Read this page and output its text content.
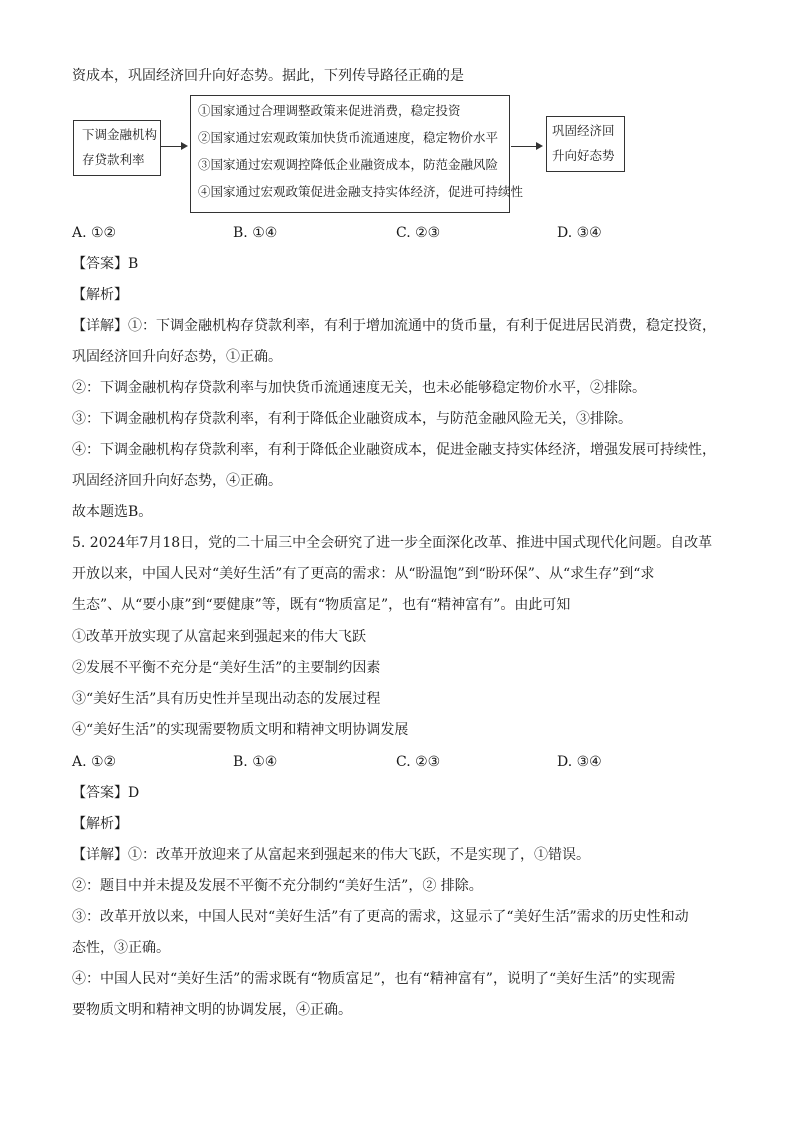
资成本，巩固经济回升向好态势。据此，下列传导路径正确的是
下调金融机构
存贷款利率
①国家通过合理调整政策来促进消费，稳定投资
②国家通过宏观政策加快货币流通速度，稳定物价水平
③国家通过宏观调控降低企业融资成本，防范金融风险
④国家通过宏观政策促进金融支持实体经济，促进可持续性
巩固经济回
升向好态势
A. ①②	B. ①④	C. ②③	D. ③④
【答案】B
【解析】
【详解】①：下调金融机构存贷款利率，有利于增加流通中的货币量，有利于促进居民消费，稳定投资，
巩固经济回升向好态势，①正确。
②：下调金融机构存贷款利率与加快货币流通速度无关，也未必能够稳定物价水平，②排除。
③：下调金融机构存贷款利率，有利于降低企业融资成本，与防范金融风险无关，③排除。
④：下调金融机构存贷款利率，有利于降低企业融资成本，促进金融支持实体经济，增强发展可持续性，
巩固经济回升向好态势，④正确。
故本题选B。
5. 2024年7月18日，党的二十届三中全会研究了进一步全面深化改革、推进中国式现代化问题。自改革
开放以来，中国人民对“美好生活”有了更高的需求：从“盼温饱”到“盼环保”、从“求生存”到“求
生态”、从“要小康”到“要健康”等，既有“物质富足”，也有“精神富有”。由此可知
①改革开放实现了从富起来到强起来的伟大飞跃
②发展不平衡不充分是“美好生活”的主要制约因素
③“美好生活”具有历史性并呈现出动态的发展过程
④“美好生活”的实现需要物质文明和精神文明协调发展
A. ①②	B. ①④	C. ②③	D. ③④
【答案】D
【解析】
【详解】①：改革开放迎来了从富起来到强起来的伟大飞跃，不是实现了，①错误。
②：题目中并未提及发展不平衡不充分制约“美好生活”，② 排除。
③：改革开放以来，中国人民对“美好生活”有了更高的需求，这显示了“美好生活”需求的历史性和动
态性，③正确。
④：中国人民对“美好生活”的需求既有“物质富足”，也有“精神富有”，说明了“美好生活”的实现需
要物质文明和精神文明的协调发展，④正确。
